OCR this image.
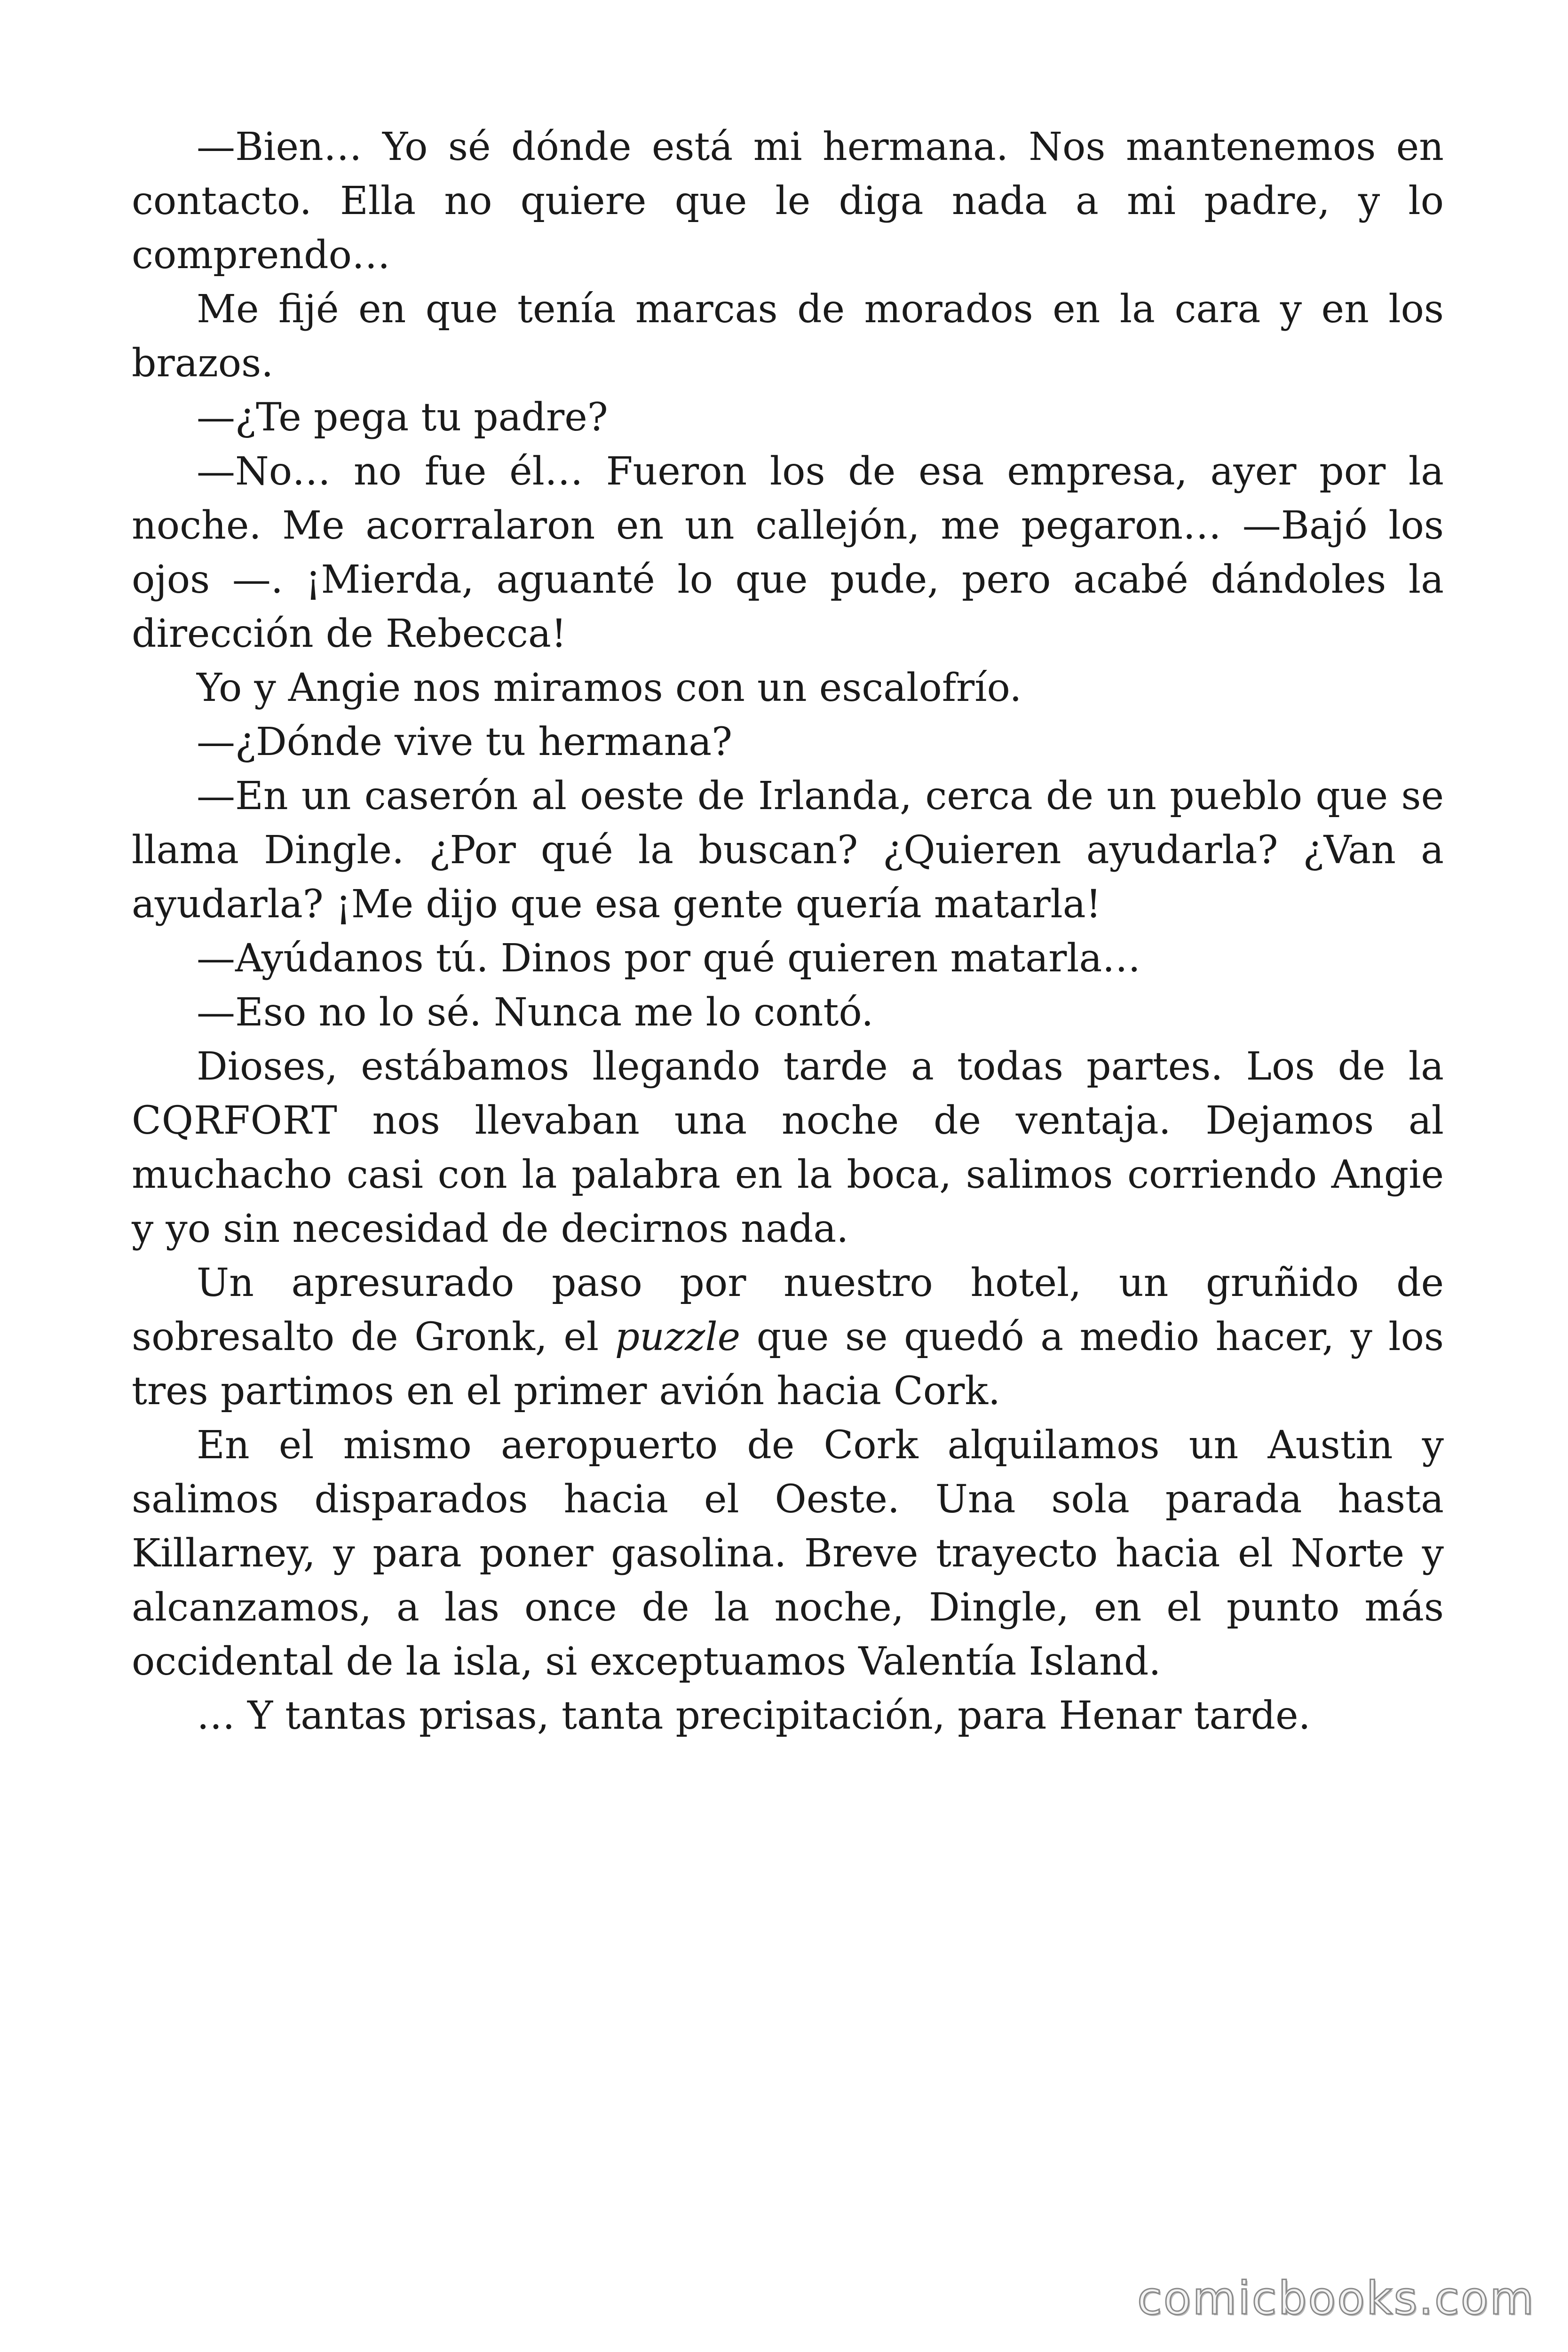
—Bien… Yo sé dónde está mi hermana. Nos mantenemos en contacto. Ella no quiere que le diga nada a mi padre, y lo comprendo…

Me fijé en que tenía marcas de morados en la cara y en los brazos.

—¿Te pega tu padre?

—No… no fue él… Fueron los de esa empresa, ayer por la noche. Me acorralaron en un callejón, me pegaron… —Bajó los ojos —. ¡Mierda, aguanté lo que pude, pero acabé dándoles la dirección de Rebecca!

Yo y Angie nos miramos con un escalofrío.

—¿Dónde vive tu hermana?

—En un caserón al oeste de Irlanda, cerca de un pueblo que se llama Dingle. ¿Por qué la buscan? ¿Quieren ayudarla? ¿Van a ayudarla? ¡Me dijo que esa gente quería matarla!

—Ayúdanos tú. Dinos por qué quieren matarla…

—Eso no lo sé. Nunca me lo contó.

Dioses, estábamos llegando tarde a todas partes. Los de la CQRFORT nos llevaban una noche de ventaja. Dejamos al muchacho casi con la palabra en la boca, salimos corriendo Angie y yo sin necesidad de decirnos nada.

Un apresurado paso por nuestro hotel, un gruñido de sobresalto de Gronk, el puzzle que se quedó a medio hacer, y los tres partimos en el primer avión hacia Cork.

En el mismo aeropuerto de Cork alquilamos un Austin y salimos disparados hacia el Oeste. Una sola parada hasta Killarney, y para poner gasolina. Breve trayecto hacia el Norte y alcanzamos, a las once de la noche, Dingle, en el punto más occidental de la isla, si exceptuamos Valentía Island.

… Y tantas prisas, tanta precipitación, para Henar tarde.

comicbooks.com
